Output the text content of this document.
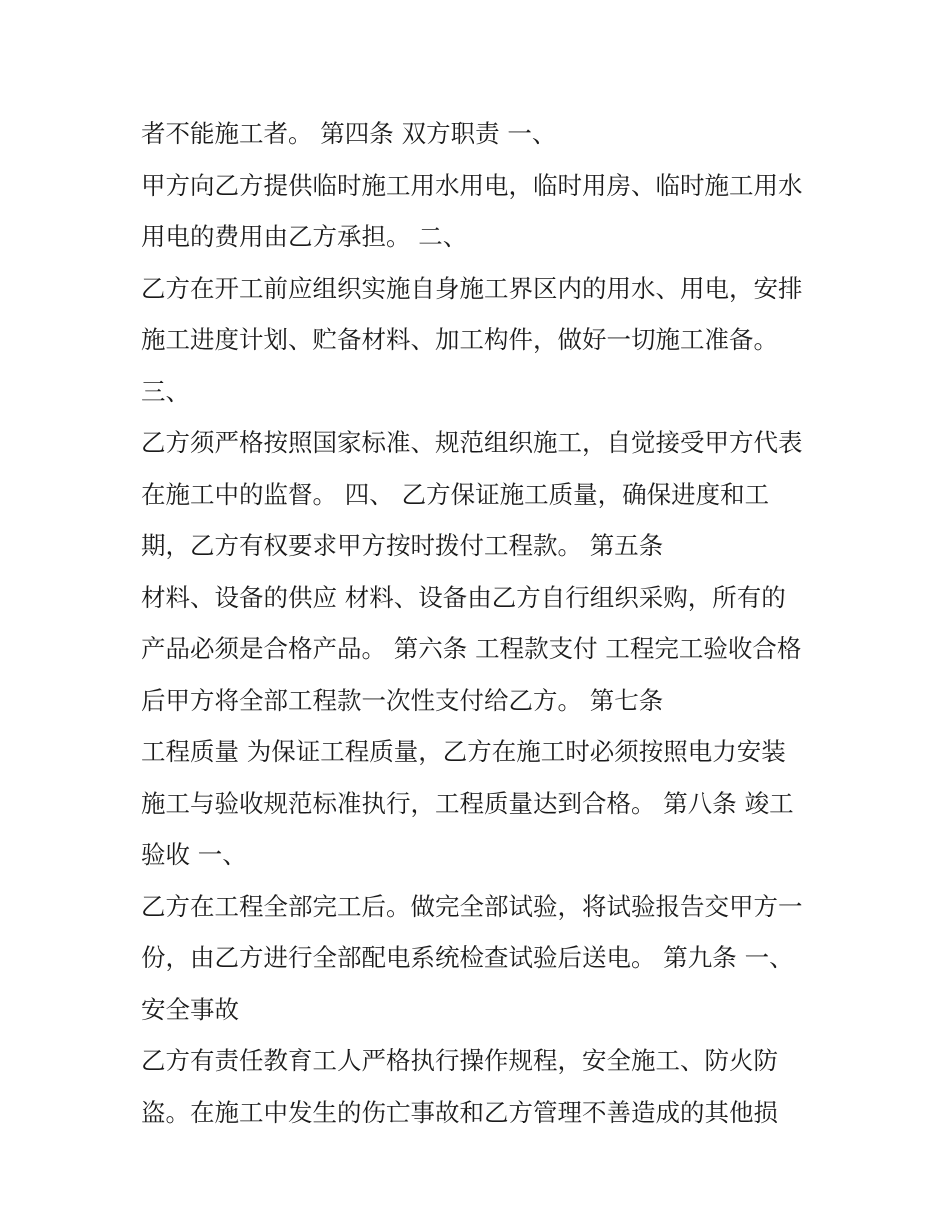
者不能施工者。 第四条 双方职责 一、
甲方向乙方提供临时施工用水用电，临时用房、临时施工用水
用电的费用由乙方承担。 二、
乙方在开工前应组织实施自身施工界区内的用水、用电，安排
施工进度计划、贮备材料、加工构件，做好一切施工准备。
三、
乙方须严格按照国家标准、规范组织施工，自觉接受甲方代表
在施工中的监督。 四、 乙方保证施工质量，确保进度和工
期，乙方有权要求甲方按时拨付工程款。 第五条
材料、设备的供应 材料、设备由乙方自行组织采购，所有的
产品必须是合格产品。 第六条 工程款支付 工程完工验收合格
后甲方将全部工程款一次性支付给乙方。 第七条
工程质量 为保证工程质量，乙方在施工时必须按照电力安装
施工与验收规范标准执行，工程质量达到合格。 第八条 竣工
验收 一、
乙方在工程全部完工后。做完全部试验，将试验报告交甲方一
份，由乙方进行全部配电系统检查试验后送电。 第九条 一、
安全事故
乙方有责任教育工人严格执行操作规程，安全施工、防火防
盗。在施工中发生的伤亡事故和乙方管理不善造成的其他损
